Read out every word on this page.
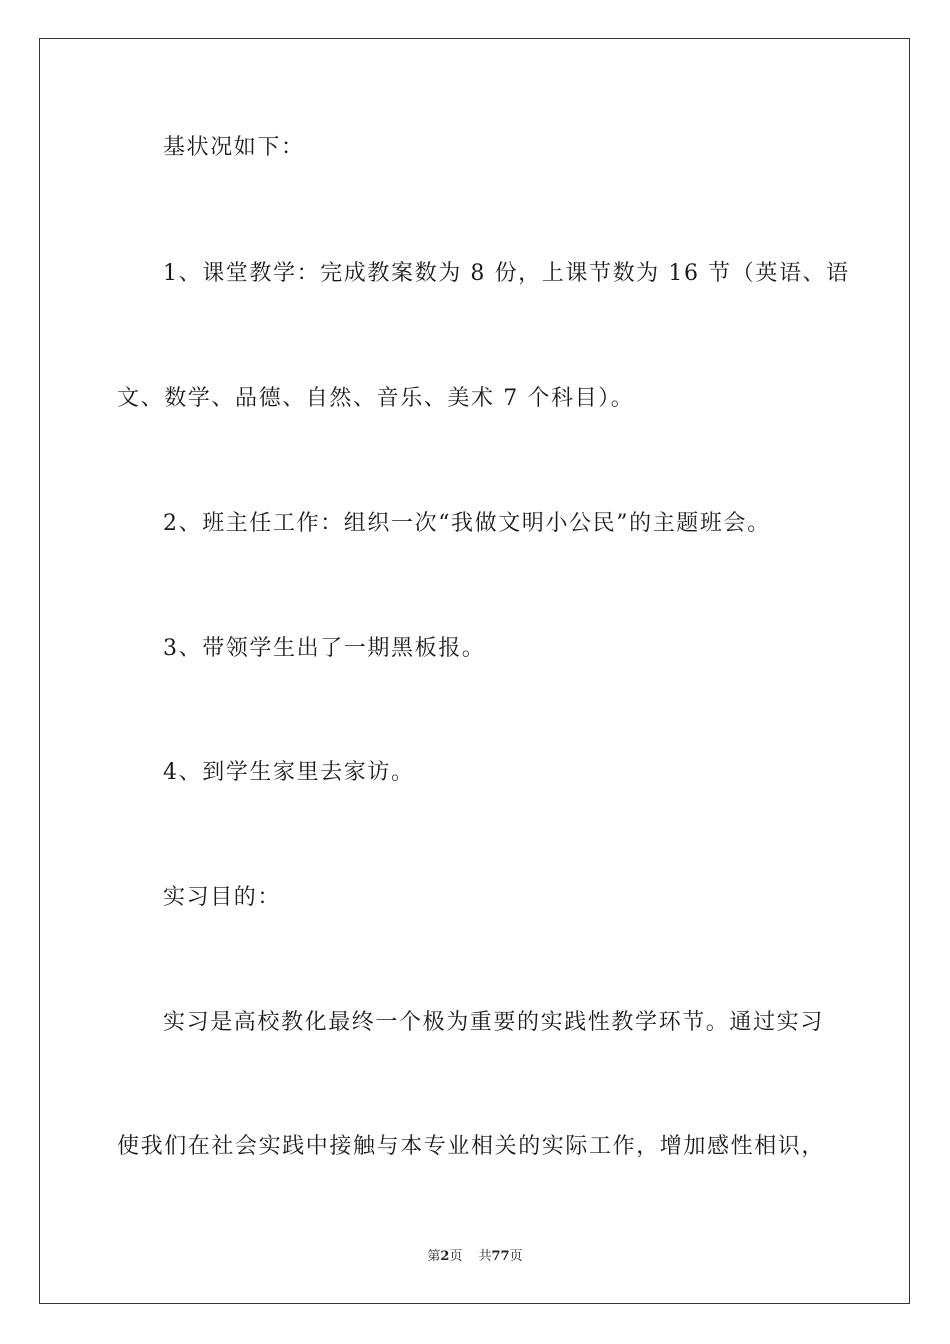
基状况如下：
1、课堂教学：完成教案数为 8 份，上课节数为 16 节（英语、语
文、数学、品德、自然、音乐、美术 7 个科目）。
2、班主任工作：组织一次“我做文明小公民”的主题班会。
3、带领学生出了一期黑板报。
4、到学生家里去家访。
实习目的：
实习是高校教化最终一个极为重要的实践性教学环节。通过实习
使我们在社会实践中接触与本专业相关的实际工作，增加感性相识，
第2页 共77页
